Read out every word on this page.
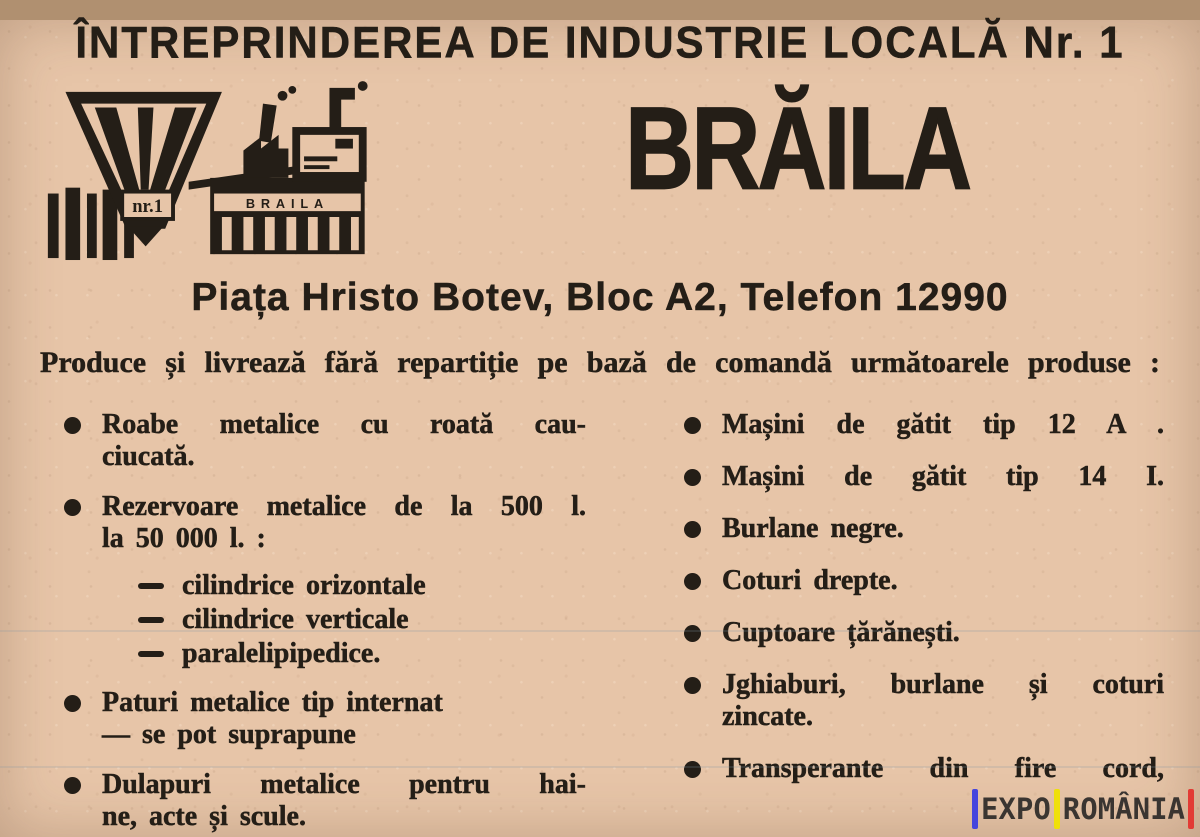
ÎNTREPRINDEREA DE INDUSTRIE LOCALĂ Nr. 1
nr.1	BRAILA	BRĂILA
Piața Hristo Botev, Bloc A2, Telefon 12990
Produce și livrează fără repartiție pe bază de comandă următoarele produse :
Roabe metalice cu roată cau-
ciucată.
Rezervoare metalice de la 500 l.
la 50 000 l. :
cilindrice orizontale
cilindrice verticale
paralelipipedice.
Paturi metalice tip internat
— se pot suprapune
Dulapuri metalice pentru hai-
ne, acte și scule.
Mașini de gătit tip 12 A .
Mașini de gătit tip 14 I.
Burlane negre.
Coturi drepte.
Cuptoare țărănești.
Jghiaburi, burlane și coturi
zincate.
Transperante din fire cord,
EXPO ROMÂNIA
